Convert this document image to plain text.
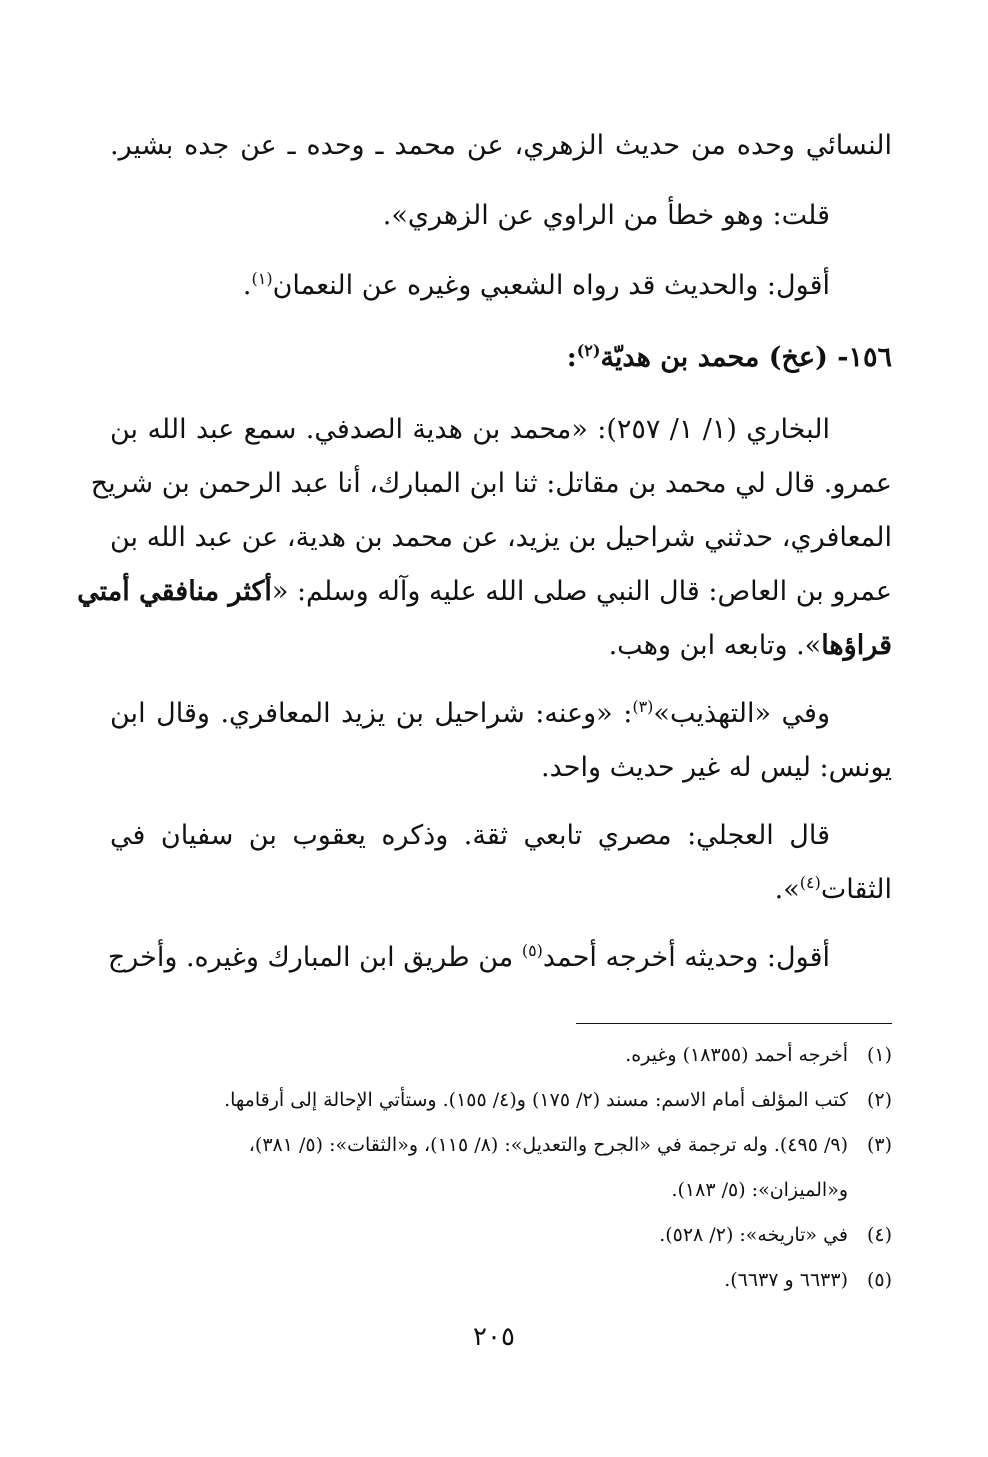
النسائي وحده من حديث الزهري، عن محمد ـ وحده ـ عن جده بشير.
قلت: وهو خطأ من الراوي عن الزهري».
أقول: والحديث قد رواه الشعبي وغيره عن النعمان$^{(١)}$.
١٥٦- (عخ) محمد بن هديّة$^{(٢)}$:
البخاري (١/ ١/ ٢٥٧): «محمد بن هدية الصدفي. سمع عبد الله بن
عمرو. قال لي محمد بن مقاتل: ثنا ابن المبارك، أنا عبد الرحمن بن شريح
المعافري، حدثني شراحيل بن يزيد، عن محمد بن هدية، عن عبد الله بن
عمرو بن العاص: قال النبي صلى الله عليه وآله وسلم: «أكثر منافقي أمتي
قراؤها». وتابعه ابن وهب.
وفي «التهذيب»$^{(٣)}$: «وعنه: شراحيل بن يزيد المعافري. وقال ابن
يونس: ليس له غير حديث واحد.
قال العجلي: مصري تابعي ثقة. وذكره يعقوب بن سفيان في
الثقات$^{(٤)}$».
أقول: وحديثه أخرجه أحمد$^{(٥)}$ من طريق ابن المبارك وغيره. وأخرج
(١)أخرجه أحمد (١٨٣٥٥) وغيره.
(٢)كتب المؤلف أمام الاسم: مسند (٢/ ١٧٥) و(٤/ ١٥٥). وستأتي الإحالة إلى أرقامها.
(٣)(٩/ ٤٩٥). وله ترجمة في «الجرح والتعديل»: (٨/ ١١٥)، و«الثقات»: (٥/ ٣٨١)،
و«الميزان»: (٥/ ١٨٣).
(٤)في «تاريخه»: (٢/ ٥٢٨).
(٥)(٦٦٣٣ و ٦٦٣٧).
٢٠٥
